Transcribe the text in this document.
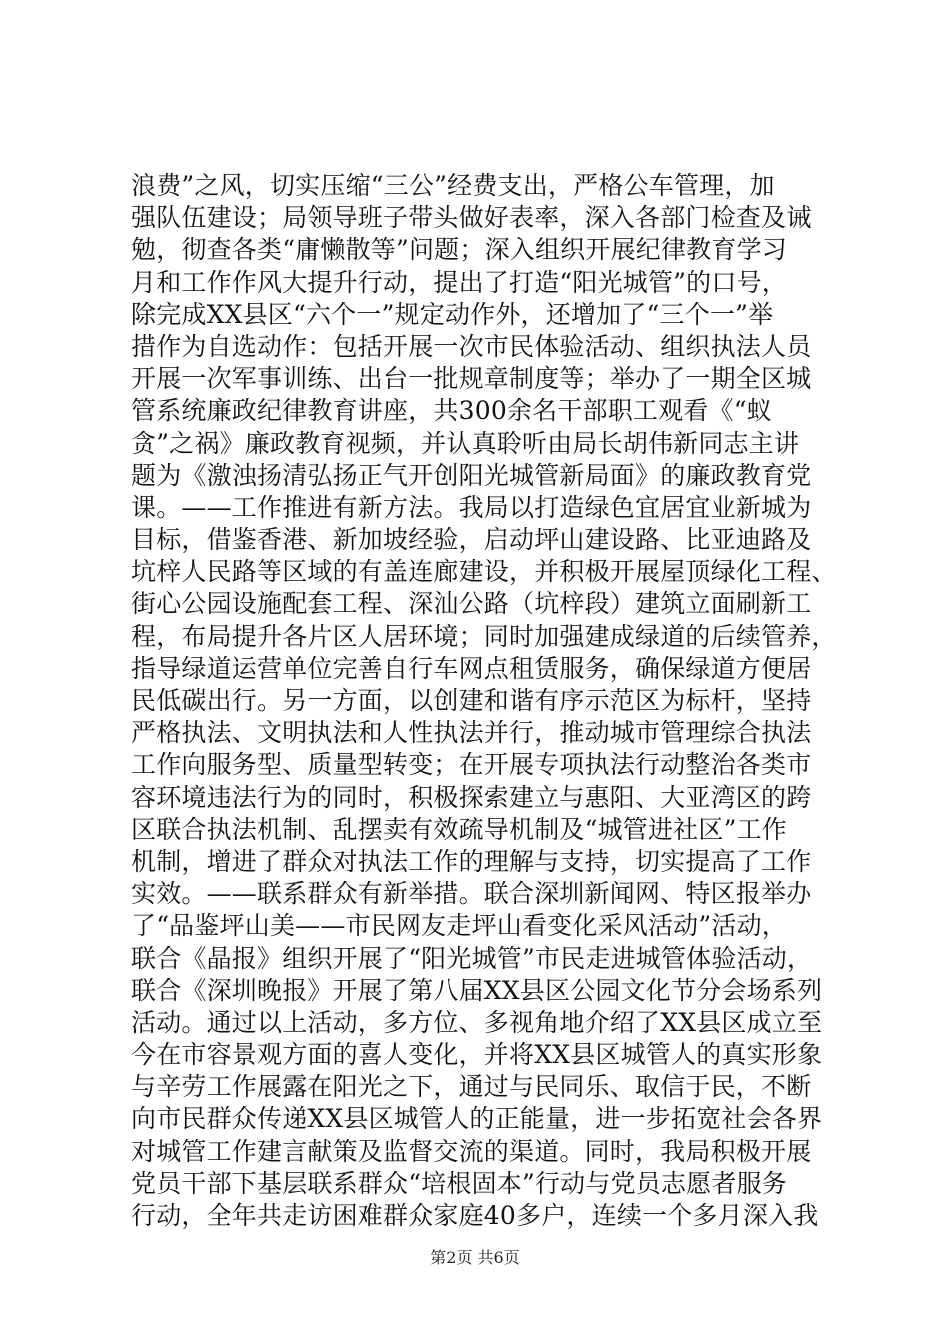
浪费”之风，切实压缩“三公”经费支出，严格公车管理，加
强队伍建设；局领导班子带头做好表率，深入各部门检查及诫
勉，彻查各类“庸懒散等”问题；深入组织开展纪律教育学习
月和工作作风大提升行动，提出了打造“阳光城管”的口号，
除完成XX县区“六个一”规定动作外，还增加了“三个一”举
措作为自选动作：包括开展一次市民体验活动、组织执法人员
开展一次军事训练、出台一批规章制度等；举办了一期全区城
管系统廉政纪律教育讲座，共300余名干部职工观看《“蚁
贪”之祸》廉政教育视频，并认真聆听由局长胡伟新同志主讲
题为《激浊扬清弘扬正气开创阳光城管新局面》的廉政教育党
课。——工作推进有新方法。我局以打造绿色宜居宜业新城为
目标，借鉴香港、新加坡经验，启动坪山建设路、比亚迪路及
坑梓人民路等区域的有盖连廊建设，并积极开展屋顶绿化工程、
街心公园设施配套工程、深汕公路（坑梓段）建筑立面刷新工
程，布局提升各片区人居环境；同时加强建成绿道的后续管养，
指导绿道运营单位完善自行车网点租赁服务，确保绿道方便居
民低碳出行。另一方面，以创建和谐有序示范区为标杆，坚持
严格执法、文明执法和人性执法并行，推动城市管理综合执法
工作向服务型、质量型转变；在开展专项执法行动整治各类市
容环境违法行为的同时，积极探索建立与惠阳、大亚湾区的跨
区联合执法机制、乱摆卖有效疏导机制及“城管进社区”工作
机制，增进了群众对执法工作的理解与支持，切实提高了工作
实效。——联系群众有新举措。联合深圳新闻网、特区报举办
了“品鉴坪山美——市民网友走坪山看变化采风活动”活动，
联合《晶报》组织开展了“阳光城管”市民走进城管体验活动，
联合《深圳晚报》开展了第八届XX县区公园文化节分会场系列
活动。通过以上活动，多方位、多视角地介绍了XX县区成立至
今在市容景观方面的喜人变化，并将XX县区城管人的真实形象
与辛劳工作展露在阳光之下，通过与民同乐、取信于民，不断
向市民群众传递XX县区城管人的正能量，进一步拓宽社会各界
对城管工作建言献策及监督交流的渠道。同时，我局积极开展
党员干部下基层联系群众“培根固本”行动与党员志愿者服务
行动，全年共走访困难群众家庭40多户，连续一个多月深入我
第2页 共6页
